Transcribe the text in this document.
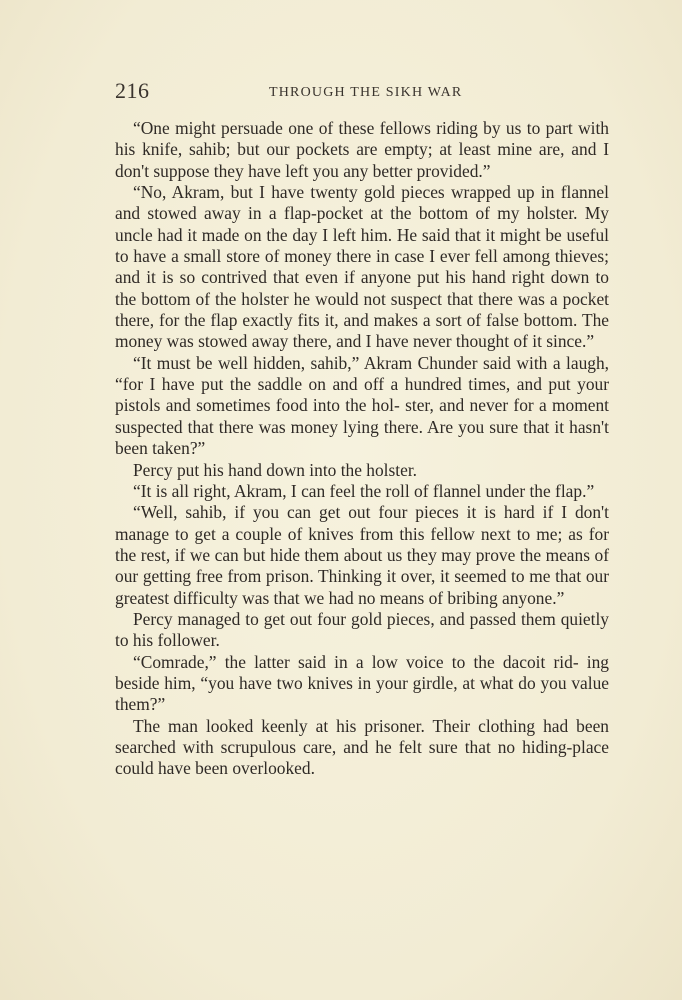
216	THROUGH THE SIKH WAR

“One might persuade one of these fellows riding by us to part with his knife, sahib; but our pockets are empty; at least mine are, and I don't suppose they have left you any better provided.”

“No, Akram, but I have twenty gold pieces wrapped up in flannel and stowed away in a flap-pocket at the bottom of my holster. My uncle had it made on the day I left him. He said that it might be useful to have a small store of money there in case I ever fell among thieves; and it is so contrived that even if anyone put his hand right down to the bottom of the holster he would not suspect that there was a pocket there, for the flap exactly fits it, and makes a sort of false bottom. The money was stowed away there, and I have never thought of it since.”

“It must be well hidden, sahib,” Akram Chunder said with a laugh, “for I have put the saddle on and off a hundred times, and put your pistols and sometimes food into the hol- ster, and never for a moment suspected that there was money lying there. Are you sure that it hasn't been taken?”

Percy put his hand down into the holster.

“It is all right, Akram, I can feel the roll of flannel under the flap.”

“Well, sahib, if you can get out four pieces it is hard if I don't manage to get a couple of knives from this fellow next to me; as for the rest, if we can but hide them about us they may prove the means of our getting free from prison. Thinking it over, it seemed to me that our greatest difficulty was that we had no means of bribing anyone.”

Percy managed to get out four gold pieces, and passed them quietly to his follower.

“Comrade,” the latter said in a low voice to the dacoit rid- ing beside him, “you have two knives in your girdle, at what do you value them?”

The man looked keenly at his prisoner. Their clothing had been searched with scrupulous care, and he felt sure that no hiding-place could have been overlooked.
